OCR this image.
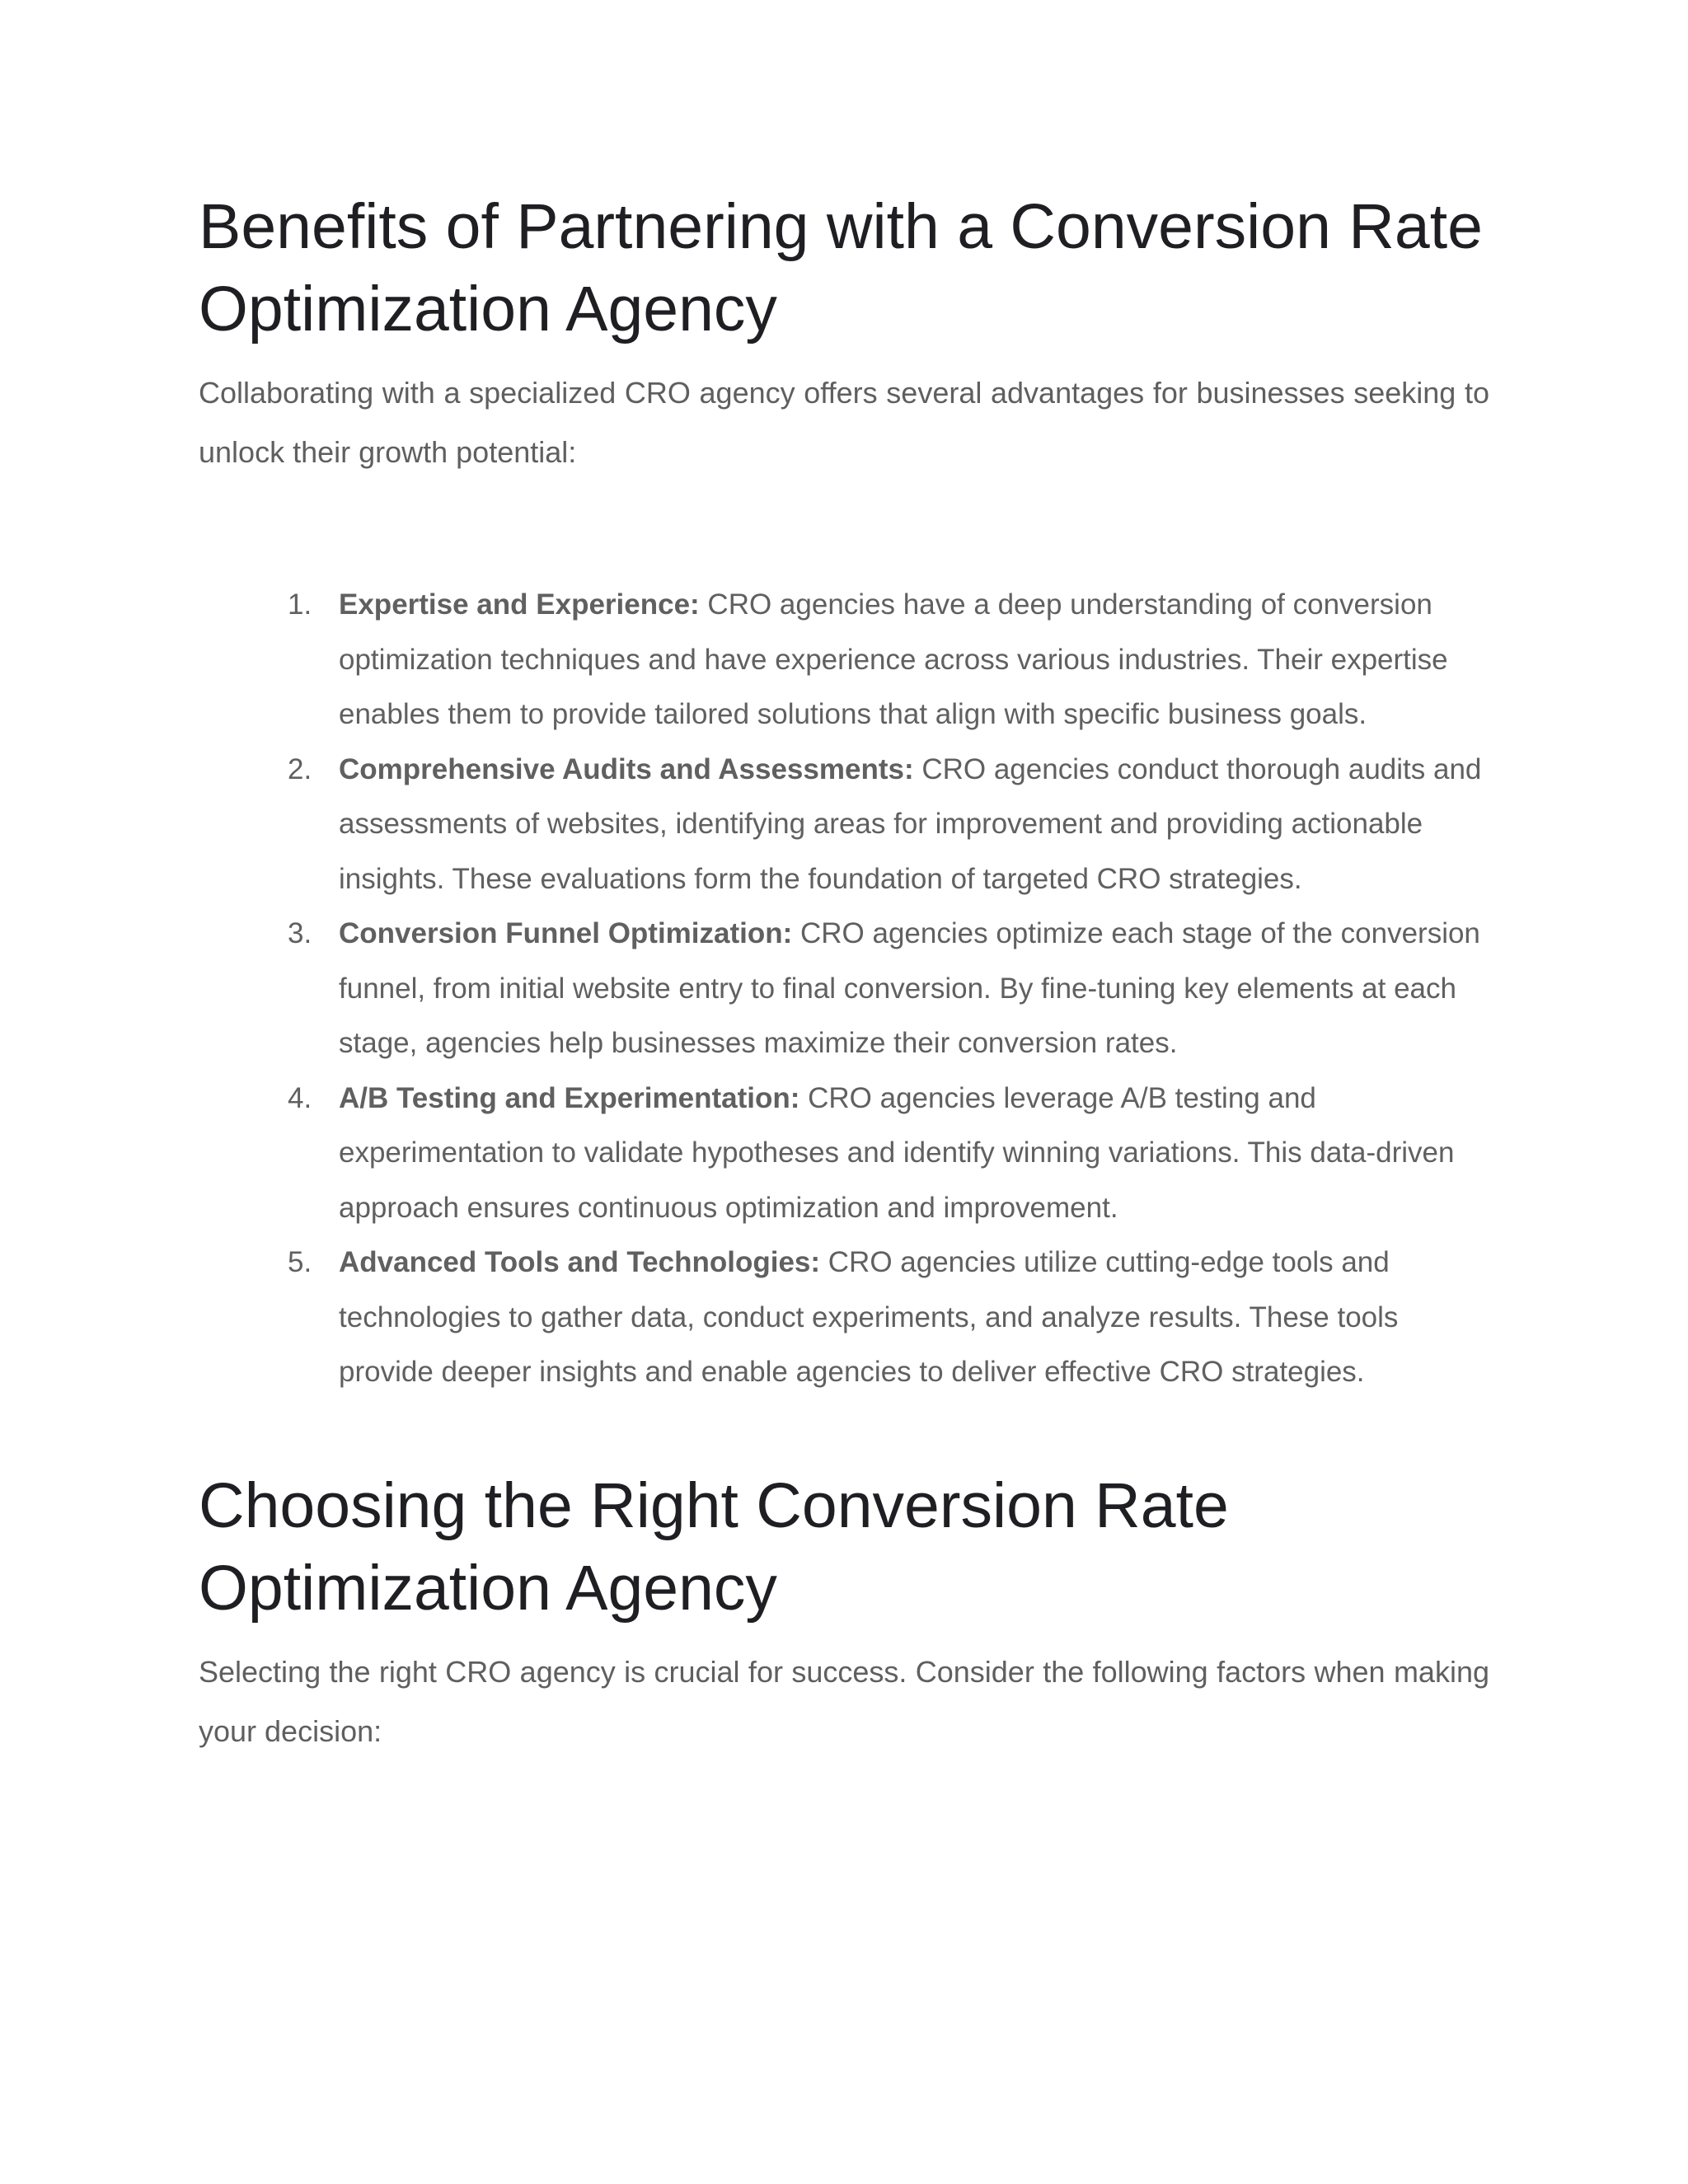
Benefits of Partnering with a Conversion Rate Optimization Agency

Collaborating with a specialized CRO agency offers several advantages for businesses seeking to unlock their growth potential:

1. Expertise and Experience: CRO agencies have a deep understanding of conversion optimization techniques and have experience across various industries. Their expertise enables them to provide tailored solutions that align with specific business goals.
2. Comprehensive Audits and Assessments: CRO agencies conduct thorough audits and assessments of websites, identifying areas for improvement and providing actionable insights. These evaluations form the foundation of targeted CRO strategies.
3. Conversion Funnel Optimization: CRO agencies optimize each stage of the conversion funnel, from initial website entry to final conversion. By fine-tuning key elements at each stage, agencies help businesses maximize their conversion rates.
4. A/B Testing and Experimentation: CRO agencies leverage A/B testing and experimentation to validate hypotheses and identify winning variations. This data-driven approach ensures continuous optimization and improvement.
5. Advanced Tools and Technologies: CRO agencies utilize cutting-edge tools and technologies to gather data, conduct experiments, and analyze results. These tools provide deeper insights and enable agencies to deliver effective CRO strategies.
Choosing the Right Conversion Rate Optimization Agency

Selecting the right CRO agency is crucial for success. Consider the following factors when making your decision:
